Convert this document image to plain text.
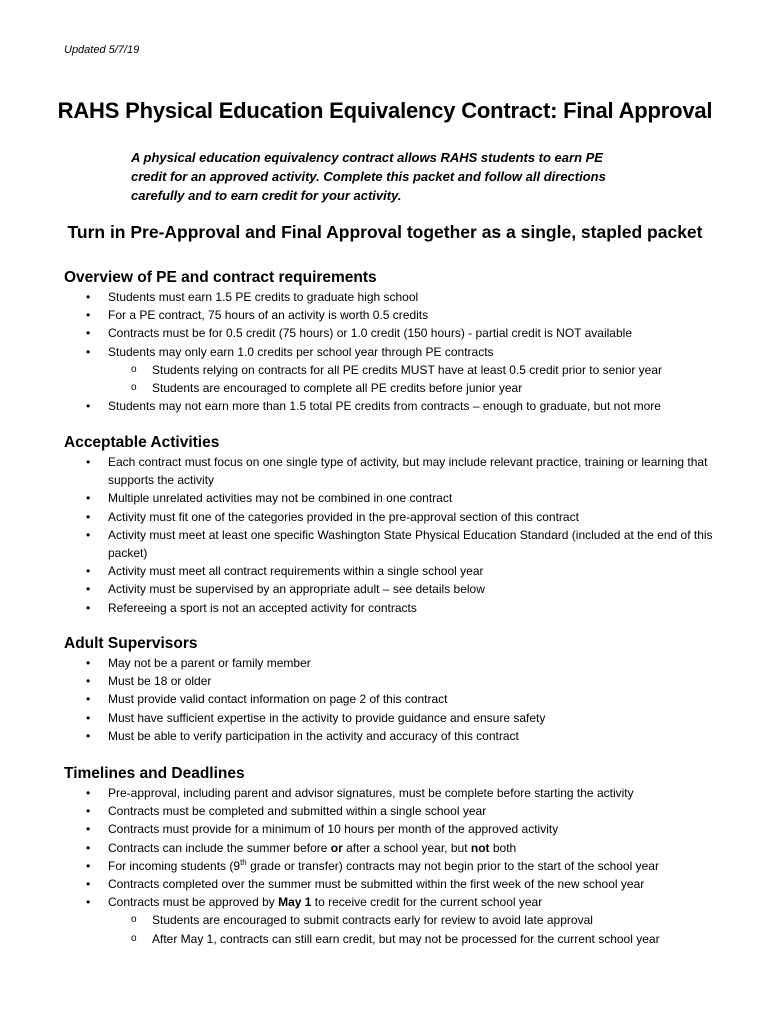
Updated 5/7/19
RAHS Physical Education Equivalency Contract: Final Approval
A physical education equivalency contract allows RAHS students to earn PE credit for an approved activity. Complete this packet and follow all directions carefully and to earn credit for your activity.
Turn in Pre-Approval and Final Approval together as a single, stapled packet
Overview of PE and contract requirements
• Students must earn 1.5 PE credits to graduate high school
• For a PE contract, 75 hours of an activity is worth 0.5 credits
• Contracts must be for 0.5 credit (75 hours) or 1.0 credit (150 hours) - partial credit is NOT available
• Students may only earn 1.0 credits per school year through PE contracts
o Students relying on contracts for all PE credits MUST have at least 0.5 credit prior to senior year
o Students are encouraged to complete all PE credits before junior year
• Students may not earn more than 1.5 total PE credits from contracts – enough to graduate, but not more
Acceptable Activities
• Each contract must focus on one single type of activity, but may include relevant practice, training or learning that supports the activity
• Multiple unrelated activities may not be combined in one contract
• Activity must fit one of the categories provided in the pre-approval section of this contract
• Activity must meet at least one specific Washington State Physical Education Standard (included at the end of this packet)
• Activity must meet all contract requirements within a single school year
• Activity must be supervised by an appropriate adult – see details below
• Refereeing a sport is not an accepted activity for contracts
Adult Supervisors
• May not be a parent or family member
• Must be 18 or older
• Must provide valid contact information on page 2 of this contract
• Must have sufficient expertise in the activity to provide guidance and ensure safety
• Must be able to verify participation in the activity and accuracy of this contract
Timelines and Deadlines
• Pre-approval, including parent and advisor signatures, must be complete before starting the activity
• Contracts must be completed and submitted within a single school year
• Contracts must provide for a minimum of 10 hours per month of the approved activity
• Contracts can include the summer before or after a school year, but not both
• For incoming students (9th grade or transfer) contracts may not begin prior to the start of the school year
• Contracts completed over the summer must be submitted within the first week of the new school year
• Contracts must be approved by May 1 to receive credit for the current school year
o Students are encouraged to submit contracts early for review to avoid late approval
o After May 1, contracts can still earn credit, but may not be processed for the current school year
